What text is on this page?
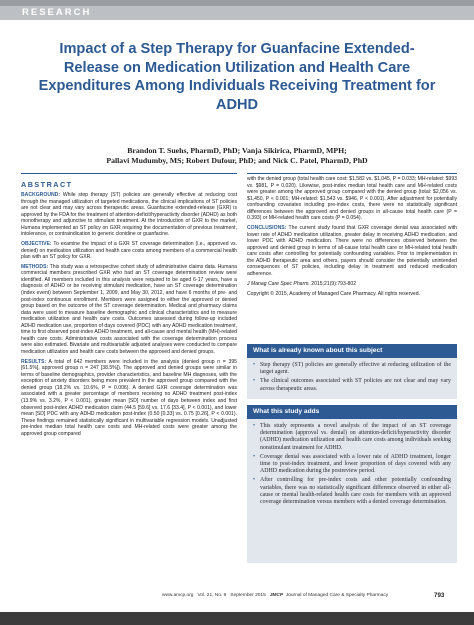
RESEARCH
Impact of a Step Therapy for Guanfacine Extended-Release on Medication Utilization and Health Care Expenditures Among Individuals Receiving Treatment for ADHD
Brandon T. Suehs, PharmD, PhD; Vanja Sikirica, PharmD, MPH;
Pallavi Mudumby, MS; Robert Dufour, PhD; and Nick C. Patel, PharmD, PhD
ABSTRACT

BACKGROUND: While step therapy (ST) policies are generally effective at reducing cost through the managed utilization of targeted medications, the clinical implications of ST policies are not clear and may vary across therapeutic areas. Guanfacine extended-release (GXR) is approved by the FDA for the treatment of attention-deficit/hyperactivity disorder (ADHD) as both monotherapy and adjunctive to stimulant treatment. At the introduction of GXR to the market, Humana implemented an ST policy on GXR requiring the documentation of previous treatment, intolerance, or contraindication to generic clonidine or guanfacine.

OBJECTIVE: To examine the impact of a GXR ST coverage determination (i.e., approved vs. denied) on medication utilization and health care costs among members of a commercial health plan with an ST policy for GXR.

METHODS: This study was a retrospective cohort study of administrative claims data. Humana commercial members prescribed GXR who had an ST coverage determination review were identified. All members included in this analysis were required to be aged 6-17 years, have a diagnosis of ADHD or be receiving stimulant medication, have an ST coverage determination (index event) between September 1, 2009, and May 30, 2012, and have 6 months of pre- and post-index continuous enrollment. Members were assigned to either the approved or denied group based on the outcome of the ST coverage determination. Medical and pharmacy claims data were used to measure baseline demographic and clinical characteristics and to measure medication utilization and health care costs. Outcomes assessed during follow-up included ADHD medication use, proportion of days covered (PDC) with any ADHD medication treatment, time to first observed post-index ADHD treatment, and all-cause and mental health (MH)-related health care costs. Administrative costs associated with the coverage determination process were also estimated. Bivariate and multivariable adjusted analyses were conducted to compare medication utilization and health care costs between the approved and denied groups.

RESULTS: A total of 642 members were included in the analysis (denied group n = 395 [61.5%], approved group n = 247 [38.5%]). The approved and denied groups were similar in terms of baseline demographics, provider characteristics, and baseline MH diagnoses, with the exception of anxiety disorders being more prevalent in the approved group compared with the denied group (18.2% vs. 10.6%, P = 0.006). A denied GXR coverage determination was associated with a greater percentage of members receiving no ADHD treatment post-index (13.9% vs. 3.2%, P < 0.001), greater mean [SD] number of days between index and first observed post-index ADHD medication claim (44.5 [59.6] vs. 17.6 [33.4], P < 0.001), and lower mean [SD] PDC with any ADHD medication post-index (0.50 [0.33] vs. 0.75 [0.26], P < 0.001). These findings remained statistically significant in multivariable regression models. Unadjusted pre-index median total health care costs and MH-related costs were greater among the approved group compared

with the denied group (total health care cost: $1,582 vs. $1,045, P = 0.033; MH-related: $993 vs. $981, P = 0.020). Likewise, post-index median total health care and MH-related costs were greater among the approved group compared with the denied group (total: $2,056 vs. $1,450, P < 0.001; MH-related: $1,543 vs. $946, P < 0.001). After adjustment for potentially confounding covariates including pre-index costs, there were no statistically significant differences between the approved and denied groups in all-cause total health care (P = 0.393) or MH-related health care costs (P = 0.054).

CONCLUSIONS: The current study found that GXR coverage denial was associated with lower rate of ADHD medication utilization, greater delay in receiving ADHD medication, and lower PDC with ADHD medication. There were no differences observed between the approved and denied group in terms of all-cause total health care or MH-related total health care costs after controlling for potentially confounding variables. Prior to implementation in the ADHD therapeutic area and others, payers should consider the potentially unintended consequences of ST policies, including delay in treatment and reduced medication adherence.

J Manag Care Spec Pharm. 2015;21(9):793-802
Copyright © 2015, Academy of Managed Care Pharmacy. All rights reserved.
What is already known about this subject
• Step therapy (ST) policies are generally effective at reducing utilization of the target agent.
• The clinical outcomes associated with ST policies are not clear and may vary across therapeutic areas.
What this study adds
• This study represents a novel analysis of the impact of an ST coverage determination (approval vs. denial) on attention-deficit/hyperactivity disorder (ADHD) medication utilization and health care costs among individuals seeking nonstimulant treatment for ADHD.
• Coverage denial was associated with a lower rate of ADHD treatment, longer time to post-index treatment, and lower proportion of days covered with any ADHD medication during the postreview period.
• After controlling for pre-index costs and other potentially confounding variables, there was no statistically significant difference observed in either all-cause or mental health-related health care costs for members with an approved coverage determination versus members with a denied coverage determination.
www.amcp.org Vol. 21, No. 9 September 2015 JMCP Journal of Managed Care & Specialty Pharmacy	793
